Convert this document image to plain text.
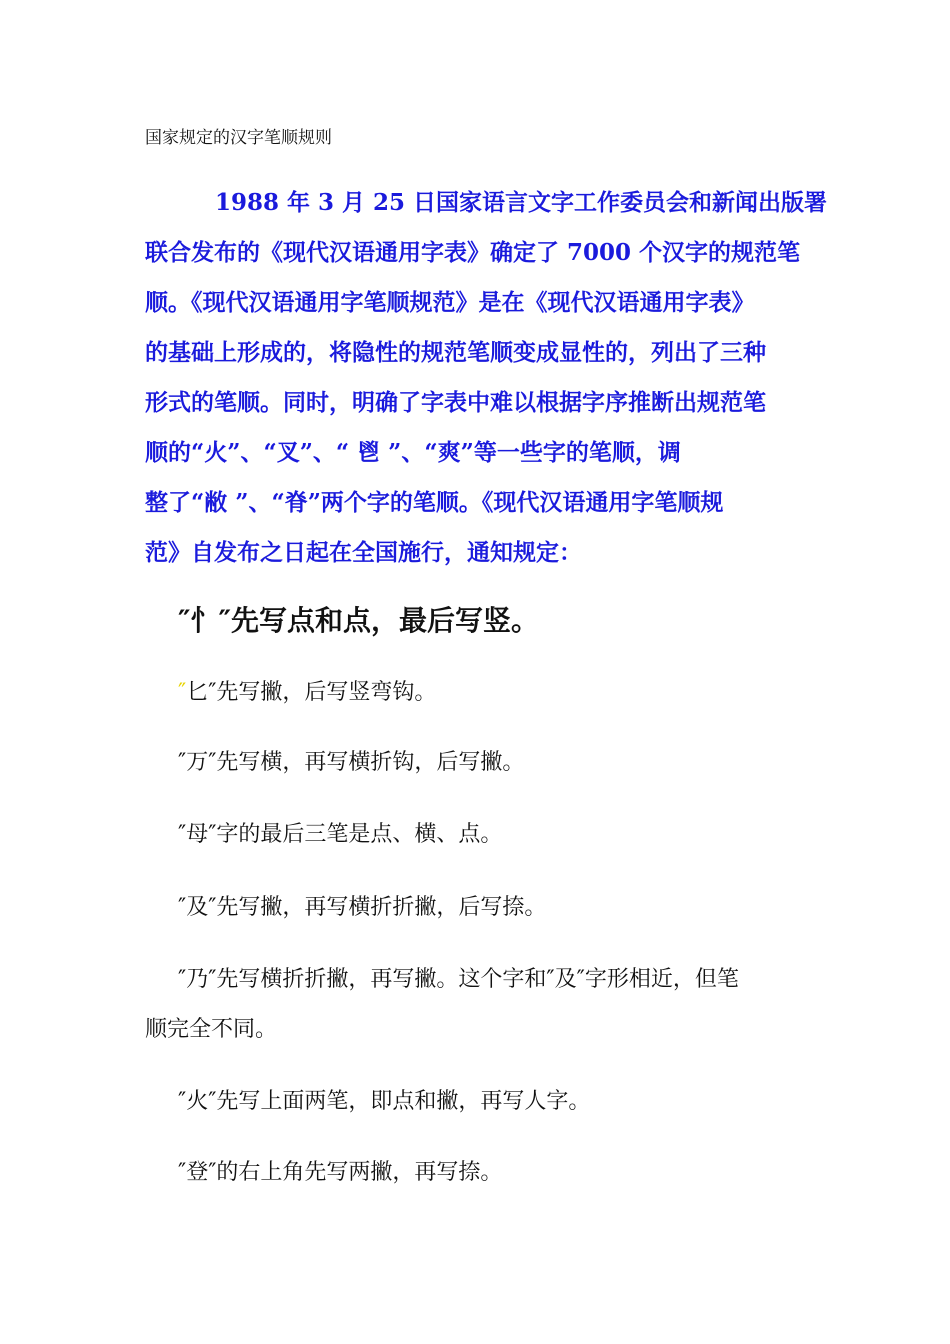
国家规定的汉字笔顺规则
1988 年 3 月 25 日国家语言文字工作委员会和新闻出版署
联合发布的《现代汉语通用字表》确定了 7000 个汉字的规范笔
顺。《现代汉语通用字笔顺规范》是在《现代汉语通用字表》
的基础上形成的，将隐性的规范笔顺变成显性的，列出了三种
形式的笔顺。同时，明确了字表中难以根据字序推断出规范笔
顺的“火”、“叉”、“ 鬯 ”、“爽”等一些字的笔顺，调
整了“敝 ”、“脊”两个字的笔顺。《现代汉语通用字笔顺规
范》自发布之日起在全国施行，通知规定：
″忄″先写点和点，最后写竖。
″匕″先写撇，后写竖弯钩。
″万″先写横，再写横折钩，后写撇。
″母″字的最后三笔是点、横、点。
″及″先写撇，再写横折折撇，后写捺。
″乃″先写横折折撇，再写撇。这个字和″及″字形相近，但笔
顺完全不同。
″火″先写上面两笔，即点和撇，再写人字。
″登″的右上角先写两撇，再写捺。
